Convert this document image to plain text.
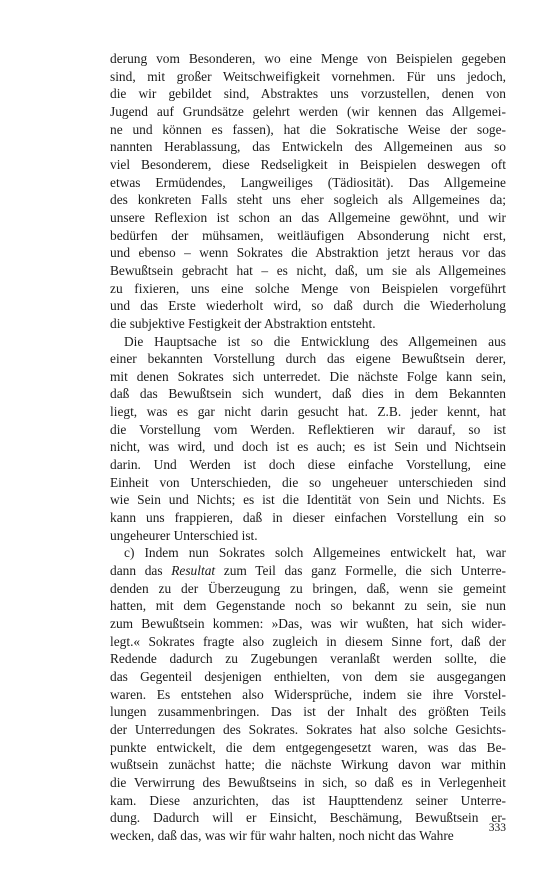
derung vom Besonderen, wo eine Menge von Beispielen gegeben
sind, mit großer Weitschweifigkeit vornehmen. Für uns jedoch,
die wir gebildet sind, Abstraktes uns vorzustellen, denen von
Jugend auf Grundsätze gelehrt werden (wir kennen das Allgemei-
ne und können es fassen), hat die Sokratische Weise der soge-
nannten Herablassung, das Entwickeln des Allgemeinen aus so
viel Besonderem, diese Redseligkeit in Beispielen deswegen oft
etwas Ermüdendes, Langweiliges (Tädiosität). Das Allgemeine
des konkreten Falls steht uns eher sogleich als Allgemeines da;
unsere Reflexion ist schon an das Allgemeine gewöhnt, und wir
bedürfen der mühsamen, weitläufigen Absonderung nicht erst,
und ebenso – wenn Sokrates die Abstraktion jetzt heraus vor das
Bewußtsein gebracht hat – es nicht, daß, um sie als Allgemeines
zu fixieren, uns eine solche Menge von Beispielen vorgeführt
und das Erste wiederholt wird, so daß durch die Wiederholung
die subjektive Festigkeit der Abstraktion entsteht.
Die Hauptsache ist so die Entwicklung des Allgemeinen aus
einer bekannten Vorstellung durch das eigene Bewußtsein derer,
mit denen Sokrates sich unterredet. Die nächste Folge kann sein,
daß das Bewußtsein sich wundert, daß dies in dem Bekannten
liegt, was es gar nicht darin gesucht hat. Z.B. jeder kennt, hat
die Vorstellung vom Werden. Reflektieren wir darauf, so ist
nicht, was wird, und doch ist es auch; es ist Sein und Nichtsein
darin. Und Werden ist doch diese einfache Vorstellung, eine
Einheit von Unterschieden, die so ungeheuer unterschieden sind
wie Sein und Nichts; es ist die Identität von Sein und Nichts. Es
kann uns frappieren, daß in dieser einfachen Vorstellung ein so
ungeheurer Unterschied ist.
c) Indem nun Sokrates solch Allgemeines entwickelt hat, war
dann das Resultat zum Teil das ganz Formelle, die sich Unterre-
denden zu der Überzeugung zu bringen, daß, wenn sie gemeint
hatten, mit dem Gegenstande noch so bekannt zu sein, sie nun
zum Bewußtsein kommen: »Das, was wir wußten, hat sich wider-
legt.« Sokrates fragte also zugleich in diesem Sinne fort, daß der
Redende dadurch zu Zugebungen veranlaßt werden sollte, die
das Gegenteil desjenigen enthielten, von dem sie ausgegangen
waren. Es entstehen also Widersprüche, indem sie ihre Vorstel-
lungen zusammenbringen. Das ist der Inhalt des größten Teils
der Unterredungen des Sokrates. Sokrates hat also solche Gesichts-
punkte entwickelt, die dem entgegengesetzt waren, was das Be-
wußtsein zunächst hatte; die nächste Wirkung davon war mithin
die Verwirrung des Bewußtseins in sich, so daß es in Verlegenheit
kam. Diese anzurichten, das ist Haupttendenz seiner Unterre-
dung. Dadurch will er Einsicht, Beschämung, Bewußtsein er-
wecken, daß das, was wir für wahr halten, noch nicht das Wahre	333
